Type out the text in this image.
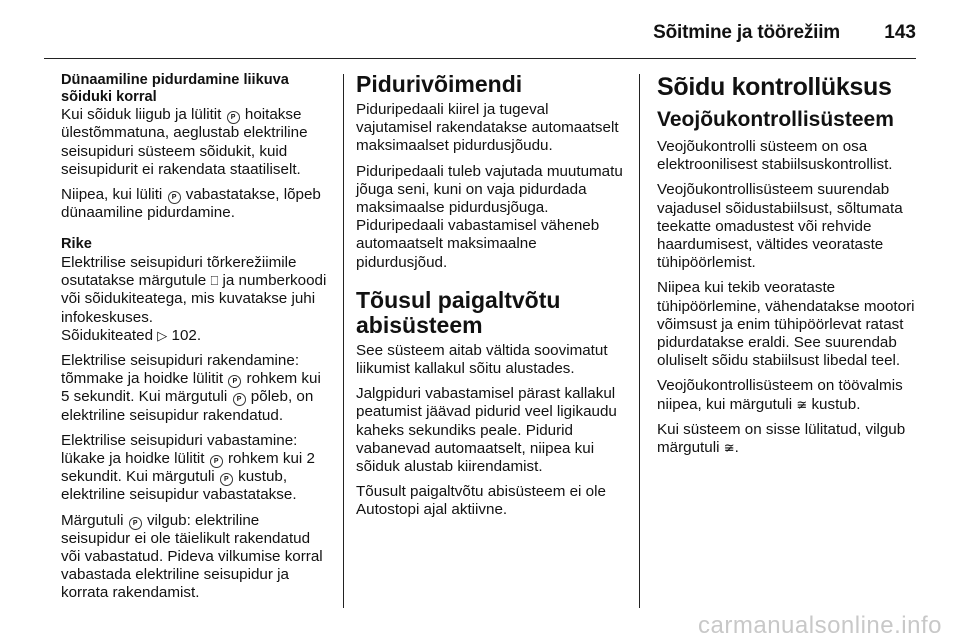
Sõitmine ja töörežiim 143

Dünaamiline pidurdamine liikuva sõiduki korral

Kui sõiduk liigub ja lülitit P hoitakse ülestõmmatuna, aeglustab elektriline seisupiduri süsteem sõidukit, kuid seisupidurit ei rakendata staatiliselt.

Niipea, kui lüliti P vabastatakse, lõpeb dünaamiline pidurdamine.

Rike

Elektrilise seisupiduri tõrkerežiimile osutatakse märgutule ⎕ ja numberkoodi või sõidukiteatega, mis kuvatakse juhi infokeskuses.
Sõidukiteated ▷ 102.

Elektrilise seisupiduri rakendamine: tõmmake ja hoidke lülitit P rohkem kui 5 sekundit. Kui märgutuli P põleb, on elektriline seisupidur rakendatud.

Elektrilise seisupiduri vabastamine: lükake ja hoidke lülitit P rohkem kui 2 sekundit. Kui märgutuli P kustub, elektriline seisupidur vabastatakse.

Märgutuli P vilgub: elektriline seisupidur ei ole täielikult rakendatud või vabastatud. Pideva vilkumise korral vabastada elektriline seisupidur ja korrata rakendamist.

Pidurivõimendi

Piduripedaali kiirel ja tugeval vajutamisel rakendatakse automaatselt maksimaalset pidurdusjõudu.

Piduripedaali tuleb vajutada muutumatu jõuga seni, kuni on vaja pidurdada maksimaalse pidurdusjõuga. Piduripedaali vabastamisel väheneb automaatselt maksimaalne pidurdusjõud.

Tõusul paigaltvõtu abisüsteem

See süsteem aitab vältida soovimatut liikumist kallakul sõitu alustades.

Jalgpiduri vabastamisel pärast kallakul peatumist jäävad pidurid veel ligikaudu kaheks sekundiks peale. Pidurid vabanevad automaatselt, niipea kui sõiduk alustab kiirendamist.

Tõusult paigaltvõtu abisüsteem ei ole Autostopi ajal aktiivne.

Sõidu kontrollüksus

Veojõukontrollisüsteem

Veojõukontrolli süsteem on osa elektroonilisest stabiilsuskontrollist.

Veojõukontrollisüsteem suurendab vajadusel sõidustabiilsust, sõltumata teekatte omadustest või rehvide haardumisest, vältides veorataste tühipöörlemist.

Niipea kui tekib veorataste tühipöörlemine, vähendatakse mootori võimsust ja enim tühipöörlevat ratast pidurdatakse eraldi. See suurendab oluliselt sõidu stabiilsust libedal teel.

Veojõukontrollisüsteem on töövalmis niipea, kui märgutuli ≆ kustub.

Kui süsteem on sisse lülitatud, vilgub märgutuli ≆.

carmanualsonline.info
